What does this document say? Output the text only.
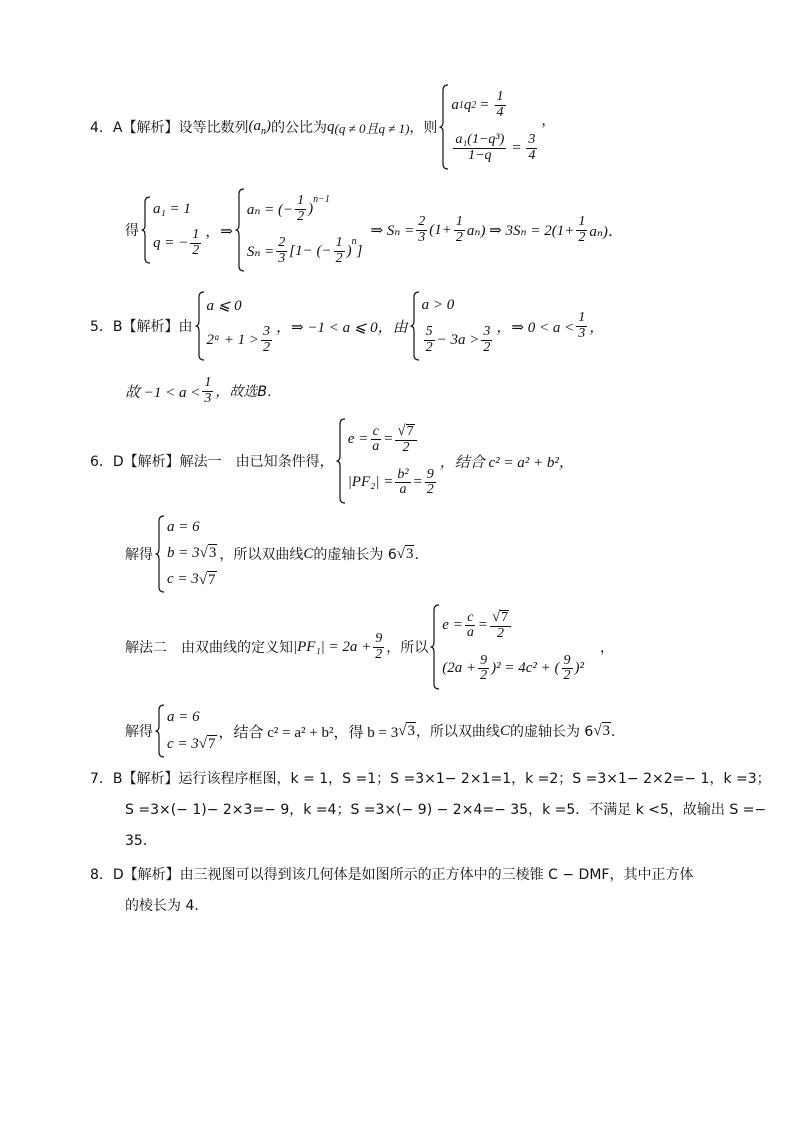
4．A【解析】设等比数列 $(a_n)$ 的公比为 q (q ≠ 0且q ≠ 1) ，则
a 1 q $2 = \frac{1}{4}$
$\frac{\text{a₁(1−q³)}}{1-q} = \frac{3}{4}$
，
得
a₁ = 1
q = − $\frac{1}{2}$ ，⇒
aₙ = (− $\frac{1}{2}$ )
$^{n-1}$
$S_n = \frac{2}{3} [1-$ (− $\frac{1}{2}$ )
$^n$
]
⇒ $S_n = \frac{2}{3} (1+ \frac{1}{2} a_n)$ ⇒ $3S_n = 2(1+ \frac{1}{2} a_n)$．
5．B【解析】由
a ⩽ 0
2ᵃ + $1 > \frac{3}{2}$ ，⇒ −1 < a ⩽ 0，由
a > 0
$\frac{5}{2} - 3a > \frac{3}{2}$ ，⇒ $0 < a < \frac{1}{3}$ ，
故 $-1 < a < \frac{1}{3}$ ，故选B．
6．D【解析】解法一　由已知条件得，
$e = \frac{c}{a} = \frac{√ 7}{2}$
$|PF_2| = \frac{\text{b²}}{a} = \frac{9}{2}$
，结合 c² = a² + b²，
解得
a = 6
b = 3 √ 3
c = 3 √ 7
，所以双曲线 C 的虚轴长为 6 √ 3 ．
解法二　由双曲线的定义知 $|PF_1| = 2a + \frac{9}{2}$ ，所以
$e = \frac{c}{a} = \frac{√ 7}{2}$
$(2a + \frac{9}{2} )^2 = 4c^2$ + ( $\frac{9}{2} )^2$
，
解得
a = 6
c = 3 √ 7
，结合 c² = a² + b²，得 b = 3 √ 3 ，所以双曲线 C 的虚轴长为 6 √ 3 ．
7．B【解析】运行该程序框图，k = 1，S =1；S =3×1− 2×1=1，k =2；S =3×1− 2×2=− 1，k =3；
S =3×(− 1)− 2×3=− 9，k =4；S =3×(− 9) − 2×4=− 35，k =5．不满足 k <5，故输出 S =−
35．
8．D【解析】由三视图可以得到该几何体是如图所示的正方体中的三棱锥 C − DMF，其中正方体
的棱长为 4．
